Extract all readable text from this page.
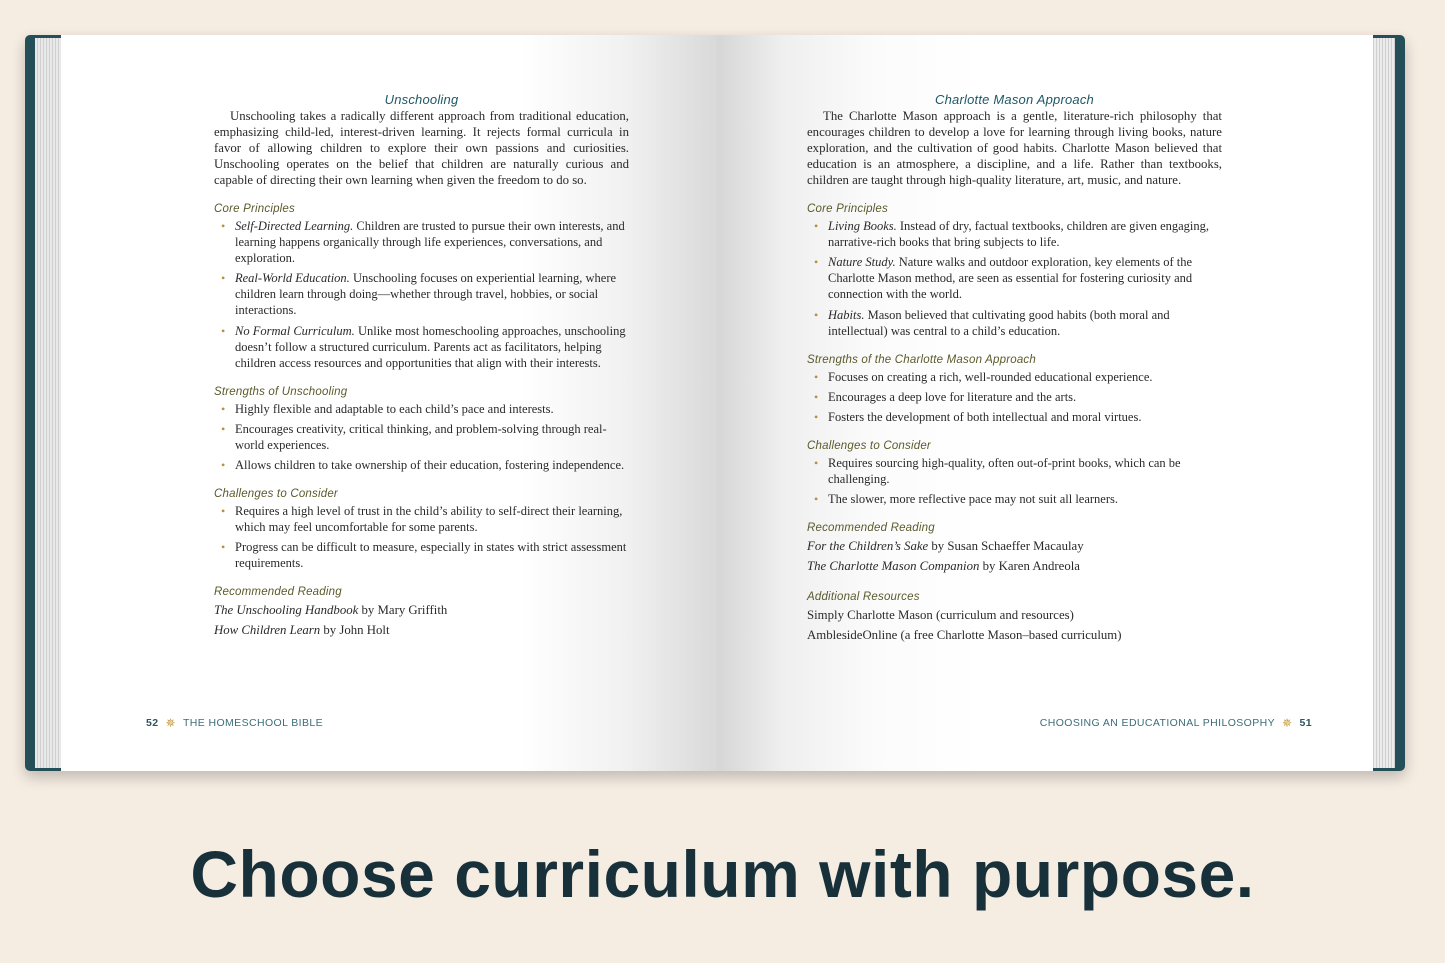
Unschooling

Unschooling takes a radically different approach from traditional education, emphasizing child-led, interest-driven learning. It rejects formal curricula in favor of allowing children to explore their own passions and curiosities. Unschooling operates on the belief that children are naturally curious and capable of directing their own learning when given the freedom to do so.

Core Principles
• Self-Directed Learning. Children are trusted to pursue their own interests, and learning happens organically through life experiences, conversations, and exploration.
• Real-World Education. Unschooling focuses on experiential learning, where children learn through doing—whether through travel, hobbies, or social interactions.
• No Formal Curriculum. Unlike most homeschooling approaches, unschooling doesn’t follow a structured curriculum. Parents act as facilitators, helping children access resources and opportunities that align with their interests.
Strengths of Unschooling
• Highly flexible and adaptable to each child’s pace and interests.
• Encourages creativity, critical thinking, and problem-solving through real-world experiences.
• Allows children to take ownership of their education, fostering independence.
Challenges to Consider
• Requires a high level of trust in the child’s ability to self-direct their learning, which may feel uncomfortable for some parents.
• Progress can be difficult to measure, especially in states with strict assessment requirements.
Recommended Reading

The Unschooling Handbook by Mary Griffith

How Children Learn by John Holt

52 ✵ THE HOMESCHOOL BIBLE
Charlotte Mason Approach

The Charlotte Mason approach is a gentle, literature-rich philosophy that encourages children to develop a love for learning through living books, nature exploration, and the cultivation of good habits. Charlotte Mason believed that education is an atmosphere, a discipline, and a life. Rather than textbooks, children are taught through high-quality literature, art, music, and nature.

Core Principles
• Living Books. Instead of dry, factual textbooks, children are given engaging, narrative-rich books that bring subjects to life.
• Nature Study. Nature walks and outdoor exploration, key elements of the Charlotte Mason method, are seen as essential for fostering curiosity and connection with the world.
• Habits. Mason believed that cultivating good habits (both moral and intellectual) was central to a child’s education.
Strengths of the Charlotte Mason Approach
• Focuses on creating a rich, well-rounded educational experience.
• Encourages a deep love for literature and the arts.
• Fosters the development of both intellectual and moral virtues.
Challenges to Consider
• Requires sourcing high-quality, often out-of-print books, which can be challenging.
• The slower, more reflective pace may not suit all learners.
Recommended Reading

For the Children’s Sake by Susan Schaeffer Macaulay

The Charlotte Mason Companion by Karen Andreola

Additional Resources

Simply Charlotte Mason (curriculum and resources)

AmblesideOnline (a free Charlotte Mason–based curriculum)

CHOOSING AN EDUCATIONAL PHILOSOPHY ✵ 51
Choose curriculum with purpose.
